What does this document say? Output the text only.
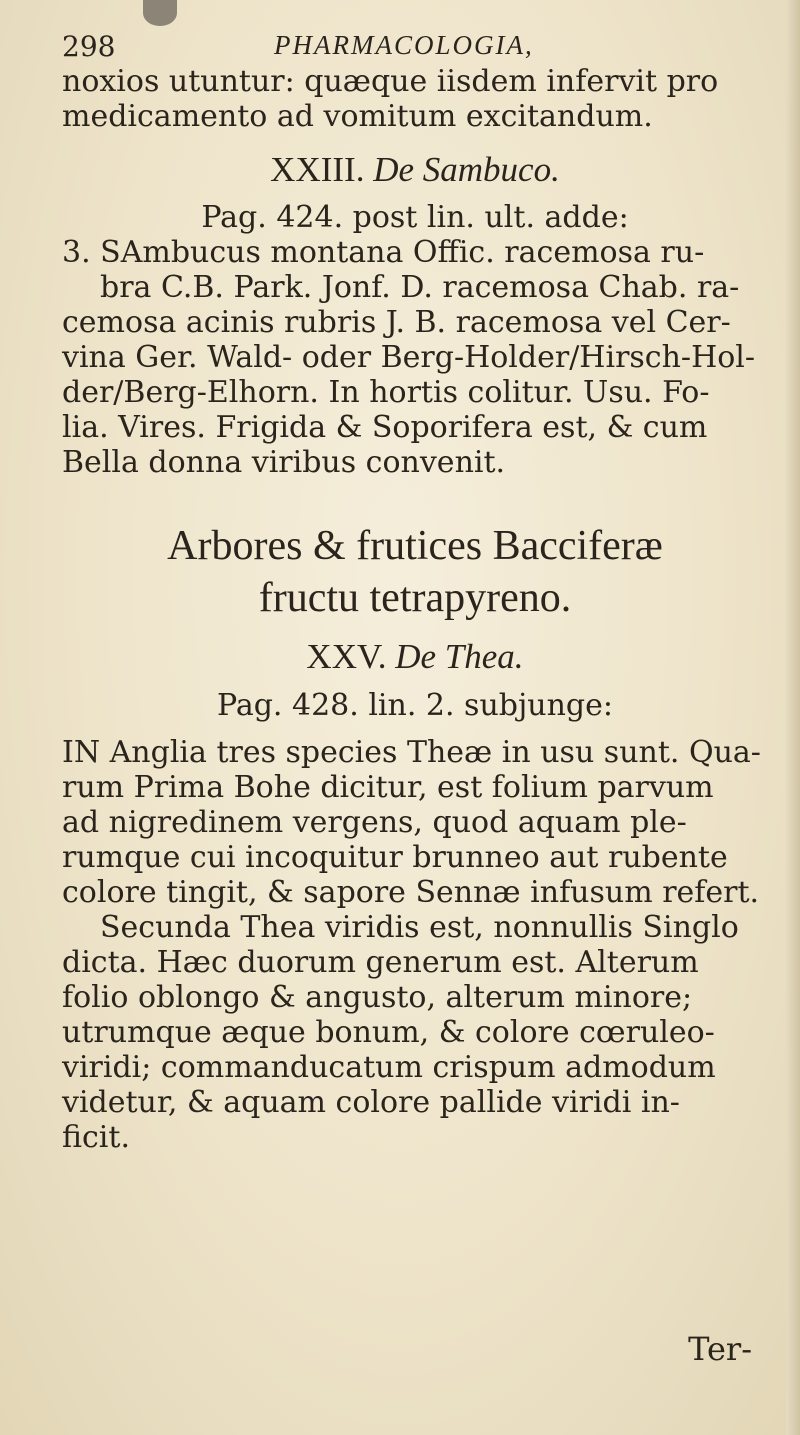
298	PHARMACOLOGIA,
noxios utuntur: quæque iisdem infervit pro
medicamento ad vomitum excitandum.
XXIII. De Sambuco.
Pag. 424. post lin. ult. adde:
3. SAmbucus montana Offic. racemosa ru-
bra C.B. Park. Jonf. D. racemosa Chab. ra-
cemosa acinis rubris J. B. racemosa vel Cer-
vina Ger. Wald- oder Berg-Holder/Hirsch-Hol-
der/Berg-Elhorn. In hortis colitur. Usu. Fo-
lia. Vires. Frigida & Soporifera est, & cum
Bella donna viribus convenit.
Arbores & frutices Bacciferæ
fructu tetrapyreno.
XXV. De Thea.
Pag. 428. lin. 2. subjunge:
IN Anglia tres species Theæ in usu sunt. Qua-
rum Prima Bohe dicitur, est folium parvum
ad nigredinem vergens, quod aquam ple-
rumque cui incoquitur brunneo aut rubente
colore tingit, & sapore Sennæ infusum refert.
Secunda Thea viridis est, nonnullis Singlo
dicta. Hæc duorum generum est. Alterum
folio oblongo & angusto, alterum minore;
utrumque æque bonum, & colore cœruleo-
viridi; commanducatum crispum admodum
videtur, & aquam colore pallide viridi in-
ficit.
Ter-
